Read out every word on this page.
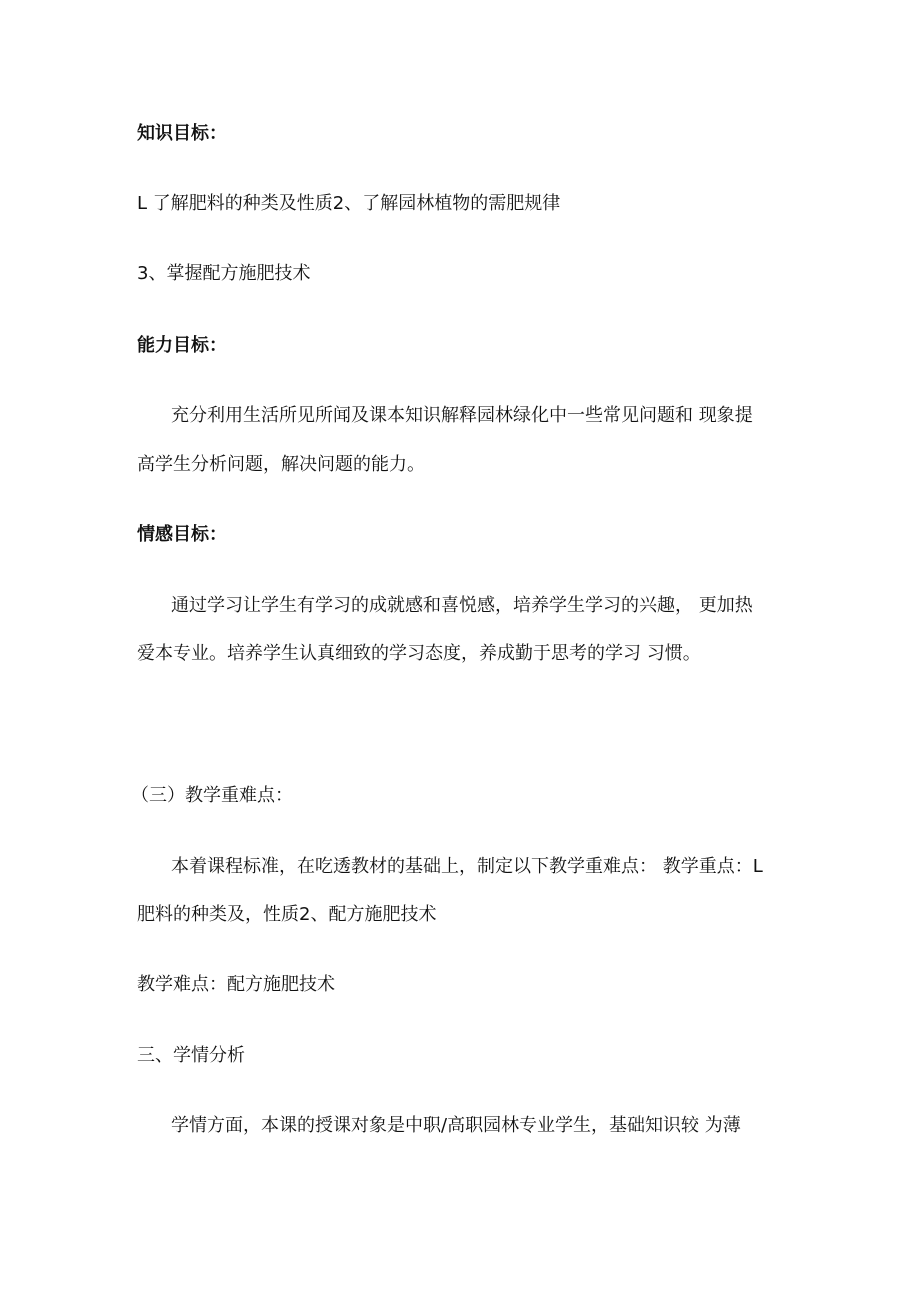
知识目标：
L 了解肥料的种类及性质2、了解园林植物的需肥规律
3、掌握配方施肥技术
能力目标：
充分利用生活所见所闻及课本知识解释园林绿化中一些常见问题和 现象提
高学生分析问题，解决问题的能力。
情感目标：
通过学习让学生有学习的成就感和喜悦感，培养学生学习的兴趣， 更加热
爱本专业。培养学生认真细致的学习态度，养成勤于思考的学习 习惯。
（三）教学重难点：
本着课程标准，在吃透教材的基础上，制定以下教学重难点： 教学重点：L
肥料的种类及，性质2、配方施肥技术
教学难点：配方施肥技术
三、学情分析
学情方面，本课的授课对象是中职/高职园林专业学生，基础知识较 为薄
